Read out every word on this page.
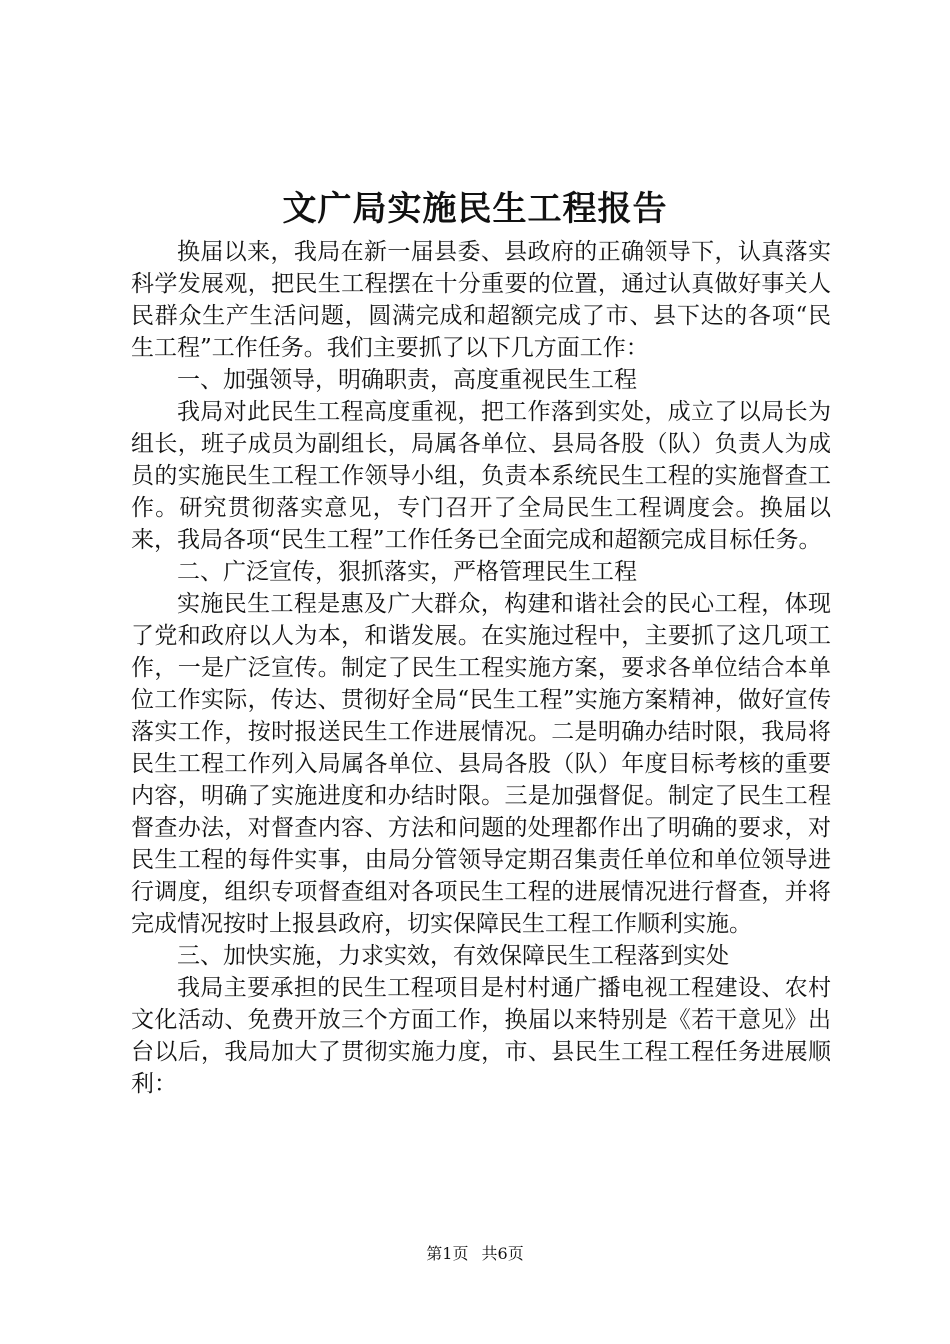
文广局实施民生工程报告

换届以来，我局在新一届县委、县政府的正确领导下，认真落实科学发展观，把民生工程摆在十分重要的位置，通过认真做好事关人民群众生产生活问题，圆满完成和超额完成了市、县下达的各项“民生工程”工作任务。我们主要抓了以下几方面工作：

一、加强领导，明确职责，高度重视民生工程

我局对此民生工程高度重视，把工作落到实处，成立了以局长为组长，班子成员为副组长，局属各单位、县局各股（队）负责人为成员的实施民生工程工作领导小组，负责本系统民生工程的实施督查工作。研究贯彻落实意见，专门召开了全局民生工程调度会。换届以来，我局各项“民生工程”工作任务已全面完成和超额完成目标任务。

二、广泛宣传，狠抓落实，严格管理民生工程

实施民生工程是惠及广大群众，构建和谐社会的民心工程，体现了党和政府以人为本，和谐发展。在实施过程中，主要抓了这几项工作，一是广泛宣传。制定了民生工程实施方案，要求各单位结合本单位工作实际，传达、贯彻好全局“民生工程”实施方案精神，做好宣传落实工作，按时报送民生工作进展情况。二是明确办结时限，我局将民生工程工作列入局属各单位、县局各股（队）年度目标考核的重要内容，明确了实施进度和办结时限。三是加强督促。制定了民生工程督查办法，对督查内容、方法和问题的处理都作出了明确的要求，对民生工程的每件实事，由局分管领导定期召集责任单位和单位领导进行调度，组织专项督查组对各项民生工程的进展情况进行督查，并将完成情况按时上报县政府，切实保障民生工程工作顺利实施。

三、加快实施，力求实效，有效保障民生工程落到实处

我局主要承担的民生工程项目是村村通广播电视工程建设、农村文化活动、免费开放三个方面工作，换届以来特别是《若干意见》出台以后，我局加大了贯彻实施力度，市、县民生工程工程任务进展顺利：

第1页 共6页
